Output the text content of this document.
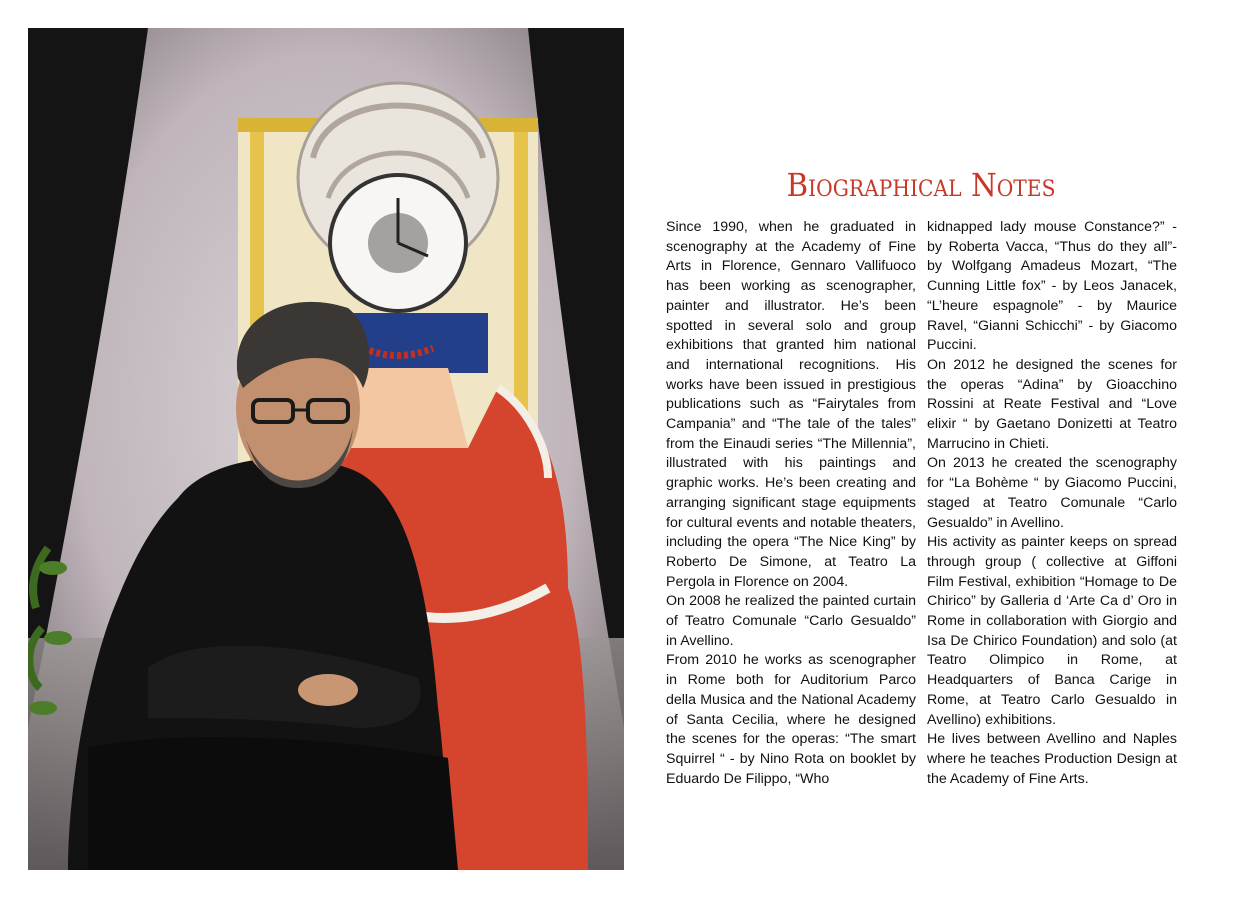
Biographical Notes

Since 1990, when he graduated in scenography at the Academy of Fine Arts in Florence, Gennaro Vallifuoco has been working as scenographer, painter and illustrator. He’s been spotted in several solo and group exhibitions that granted him national and international recognitions. His works have been issued in prestigious publications such as “Fairytales from Campania” and “The tale of the tales” from the Einaudi series “The Millennia”, illustrated with his paintings and graphic works. He’s been creating and arranging significant stage equipments for cultural events and notable theaters, including the opera “The Nice King” by Roberto De Simone, at Teatro La Pergola in Florence on 2004.

On 2008 he realized the painted curtain of Teatro Comunale “Carlo Gesualdo” in Avellino.

From 2010 he works as scenographer in Rome both for Auditorium Parco della Musica and the National Academy of Santa Cecilia, where he designed the scenes for the operas: “The smart Squirrel “ - by Nino Rota on booklet by Eduardo De Filippo, “Who

kidnapped lady mouse Constance?” - by Roberta Vacca, “Thus do they all”- by Wolfgang Amadeus Mozart, “The Cunning Little fox” - by Leos Janacek, “L’heure espagnole” - by Maurice Ravel, “Gianni Schicchi” - by Giacomo Puccini.

On 2012 he designed the scenes for the operas “Adina” by Gioacchino Rossini at Reate Festival and “Love elixir “ by Gaetano Donizetti at Teatro Marrucino in Chieti.

On 2013 he created the scenography for “La Bohème “ by Giacomo Puccini, staged at Teatro Comunale “Carlo Gesualdo” in Avellino.

His activity as painter keeps on spread through group ( collective at Giffoni Film Festival, exhibition “Homage to De Chirico” by Galleria d ‘Arte Ca d’ Oro in Rome in collaboration with Giorgio and Isa De Chirico Foundation) and solo (at Teatro Olimpico in Rome, at Headquarters of Banca Carige in Rome, at Teatro Carlo Gesualdo in Avellino) exhibitions.

He lives between Avellino and Naples where he teaches Production Design at the Academy of Fine Arts.
